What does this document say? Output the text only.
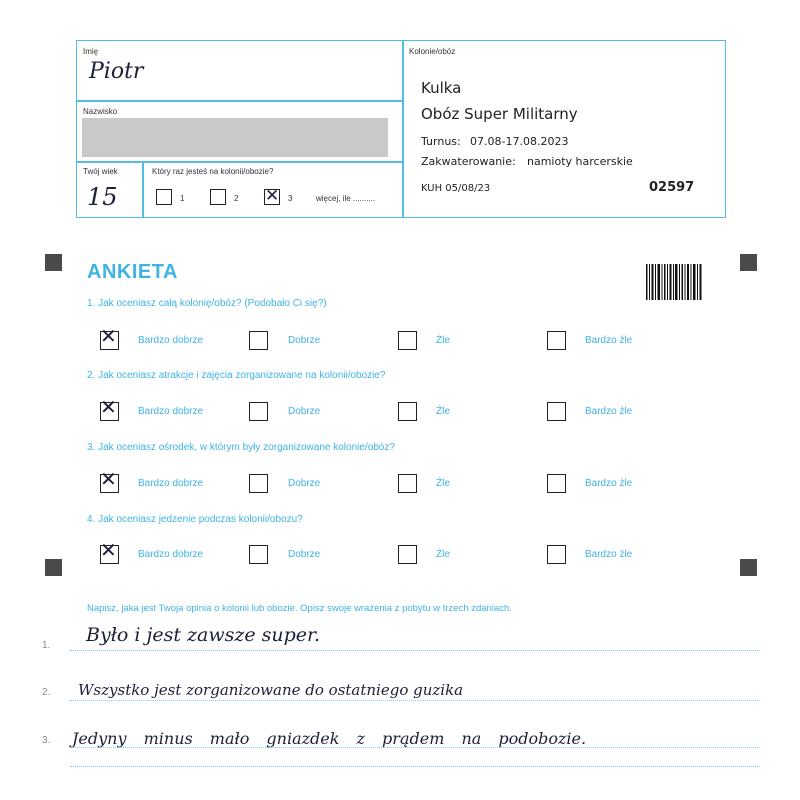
Imię
Piotr
Nazwisko
Twój wiek
15
Który raz jesteś na kolonii/obozie?
1	2 ✕ 3	więcej, ile ..........
Kolonie/obóz
Kulka
Obóz Super Militarny
Turnus: 07.08-17.08.2023
Zakwaterowanie: namioty harcerskie
KUH 05/08/23	02597
ANKIETA
1. Jak oceniasz całą kolonię/obóz? (Podobało Ci się?)
✕ Bardzo dobrze	Dobrze	Źle	Bardzo źle
2. Jak oceniasz atrakcje i zajęcia zorganizowane na kolonii/obozie?
✕ Bardzo dobrze	Dobrze	Źle	Bardzo źle
3. Jak oceniasz ośrodek, w którym były zorganizowane kolonie/obóz?
✕ Bardzo dobrze	Dobrze	Źle	Bardzo źle
4. Jak oceniasz jedzenie podczas kolonii/obozu?
✕ Bardzo dobrze	Dobrze	Źle	Bardzo źle
Napisz, jaka jest Twoja opinia o kolonii lub obozie. Opisz swoje wrażenia z pobytu w trzech zdaniach.
1. Było i jest zawsze super.
2. Wszystko jest zorganizowane do ostatniego guzika
3. Jedyny minus mało gniazdek z prądem na podobozie.
